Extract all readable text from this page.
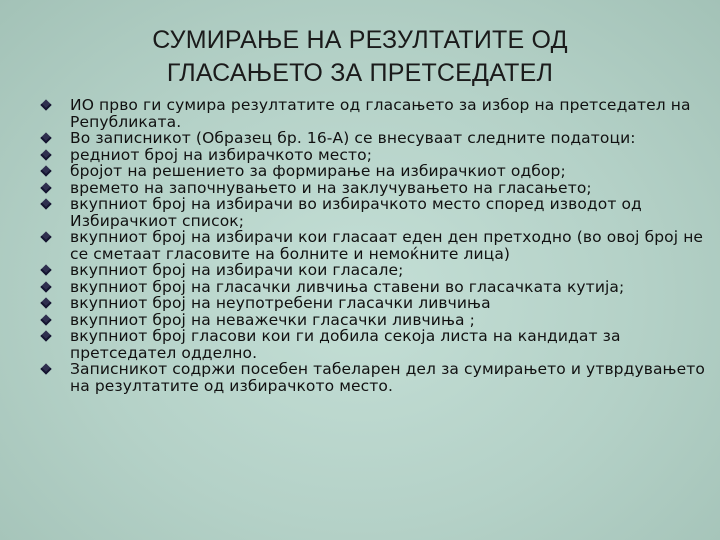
СУМИРАЊЕ НА РЕЗУЛТАТИТЕ ОД
ГЛАСАЊЕТО ЗА ПРЕТСЕДАТЕЛ
ИО прво ги сумира резултатите од гласањето за избор на претседател на Републиката.
Во записникот (Образец бр. 16-А) се внесуваат следните податоци:
редниот број на избирачкото место;
бројот на решението за формирање на избирачкиот одбор;
времето на започнувањето и на заклучувањето на гласањето;
вкупниот број на избирачи во избирачкото место според изводот од Избирачкиот список;
вкупниот број на избирачи кои гласаат еден ден претходно (во овој број не се сметаат гласовите на болните и немоќните лица)
вкупниот број на избирачи кои гласале;
вкупниот број на гласачки ливчиња ставени во гласачката кутија;
вкупниот број на неупотребени гласачки ливчиња
вкупниот број на неважечки гласачки ливчиња ;
вкупниот број гласови кои ги добила секоја листа на кандидат за претседател одделно.
Записникот содржи посебен табеларен дел за сумирањето и утврдувањето на резултатите од избирачкото место.
